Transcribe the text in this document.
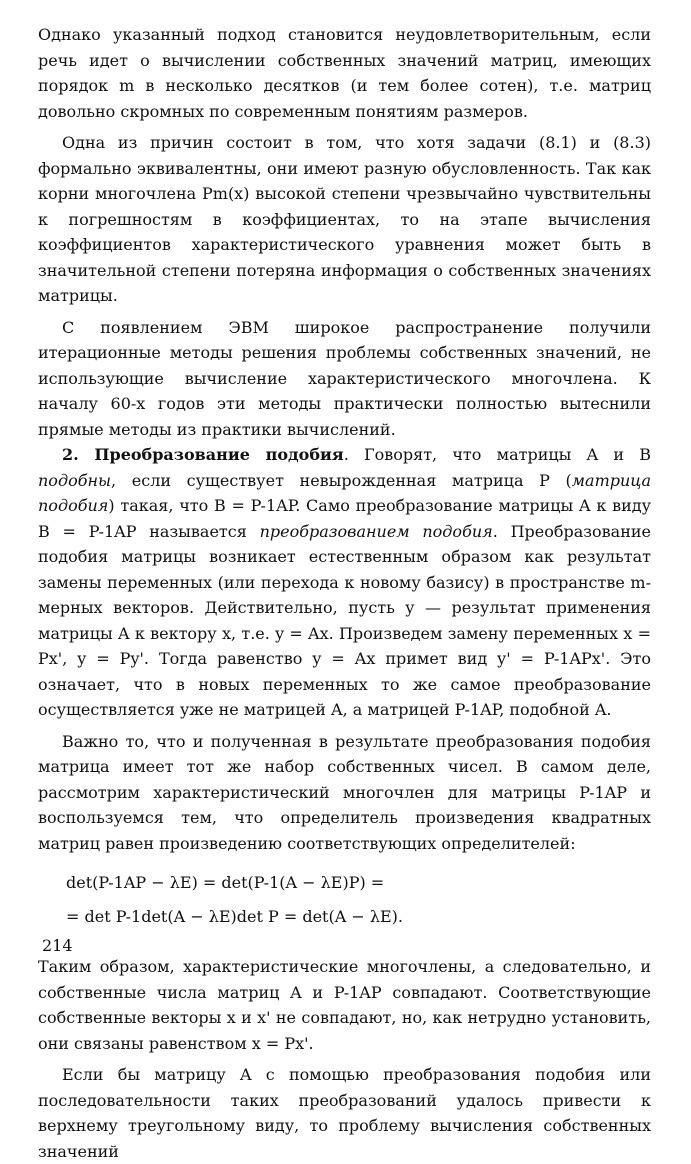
Однако указанный подход становится неудовлетворительным, если речь идет о вычислении собственных значений матриц, имеющих порядок m в несколько десятков (и тем более сотен), т.е. матриц довольно скромных по современным понятиям размеров.

Одна из причин состоит в том, что хотя задачи (8.1) и (8.3) формально эквивалентны, они имеют разную обусловленность. Так как корни многочлена Pm(x) высокой степени чрезвычайно чувствительны к погрешностям в коэффициентах, то на этапе вычисления коэффициентов характеристического уравнения может быть в значительной степени потеряна информация о собственных значениях матрицы.

С появлением ЭВМ широкое распространение получили итерационные методы решения проблемы собственных значений, не использующие вычисление характеристического многочлена. К началу 60-х годов эти методы практически полностью вытеснили прямые методы из практики вычислений.

2. Преобразование подобия. Говорят, что матрицы A и B подобны, если существует невырожденная матрица P (матрица подобия) такая, что B = P-1AP. Само преобразование матрицы A к виду B = P-1AP называется преобразованием подобия. Преобразование подобия матрицы возникает естественным образом как результат замены переменных (или перехода к новому базису) в пространстве m-мерных векторов. Действительно, пусть y — результат применения матрицы A к вектору x, т.е. y = Ax. Произведем замену переменных x = Px', y = Py'. Тогда равенство y = Ax примет вид y' = P-1APx'. Это означает, что в новых переменных то же самое преобразование осуществляется уже не матрицей A, а матрицей P-1AP, подобной A.

Важно то, что и полученная в результате преобразования подобия матрица имеет тот же набор собственных чисел. В самом деле, рассмотрим характеристический многочлен для матрицы P-1AP и воспользуемся тем, что определитель произведения квадратных матриц равен произведению соответствующих определителей:

det(P-1AP − λE) = det(P-1(A − λE)P) =
= det P-1det(A − λE)det P = det(A − λE).

Таким образом, характеристические многочлены, а следовательно, и собственные числа матриц A и P-1AP совпадают. Соответствующие собственные векторы x и x' не совпадают, но, как нетрудно установить, они связаны равенством x = Px'.

Если бы матрицу A с помощью преобразования подобия или последовательности таких преобразований удалось привести к верхнему треугольному виду, то проблему вычисления собственных значений

214
